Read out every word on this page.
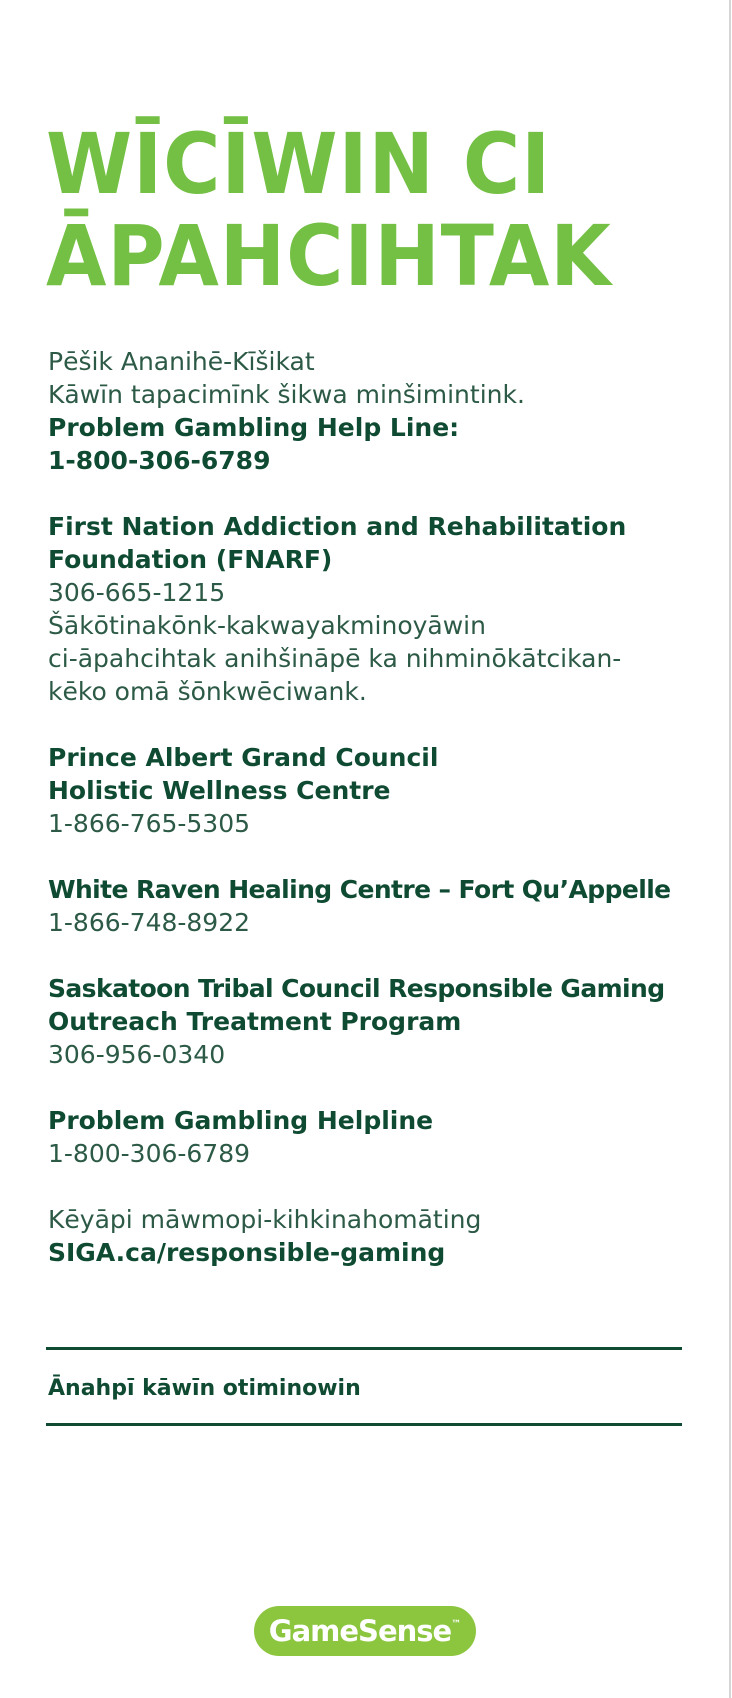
WĪCĪWIN CI
ĀPAHCIHTAK
Pēšik Ananihē-Kīšikat
Kāwīn tapacimīnk šikwa minšimintink.
Problem Gambling Help Line:
1-800-306-6789
First Nation Addiction and Rehabilitation
Foundation (FNARF)
306-665-1215
Šākōtinakōnk-kakwayakminoyāwin
ci-āpahcihtak anihšināpē ka nihminōkātcikan-
kēko omā šōnkwēciwank.
Prince Albert Grand Council
Holistic Wellness Centre
1-866-765-5305
White Raven Healing Centre – Fort Qu’Appelle
1-866-748-8922
Saskatoon Tribal Council Responsible Gaming
Outreach Treatment Program
306-956-0340
Problem Gambling Helpline
1-800-306-6789
Kēyāpi māwmopi-kihkinahomāting
SIGA.ca/responsible-gaming
Ānahpī kāwīn otiminowin
GameSense™
